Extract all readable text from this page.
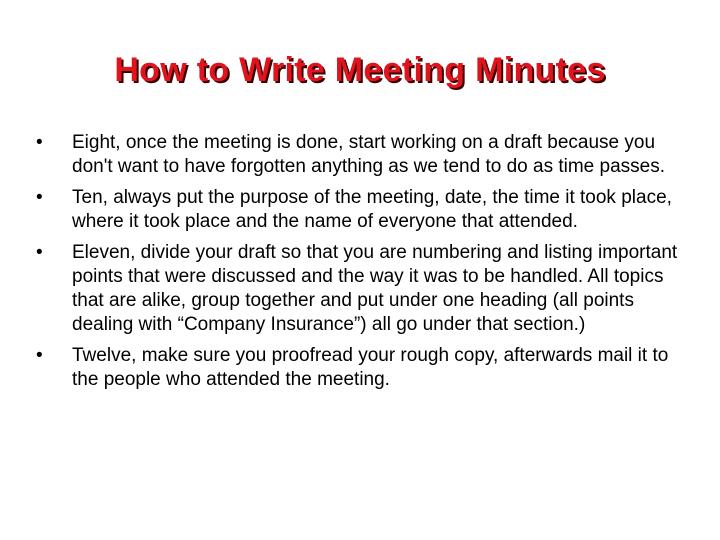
How to Write Meeting Minutes
•	Eight, once the meeting is done, start working on a draft because you don't want to have forgotten anything as we tend to do as time passes.
•	Ten, always put the purpose of the meeting, date, the time it took place, where it took place and the name of everyone that attended.
•	Eleven, divide your draft so that you are numbering and listing important points that were discussed and the way it was to be handled. All topics that are alike, group together and put under one heading (all points dealing with “Company Insurance”) all go under that section.)
•	Twelve, make sure you proofread your rough copy, afterwards mail it to the people who attended the meeting.
